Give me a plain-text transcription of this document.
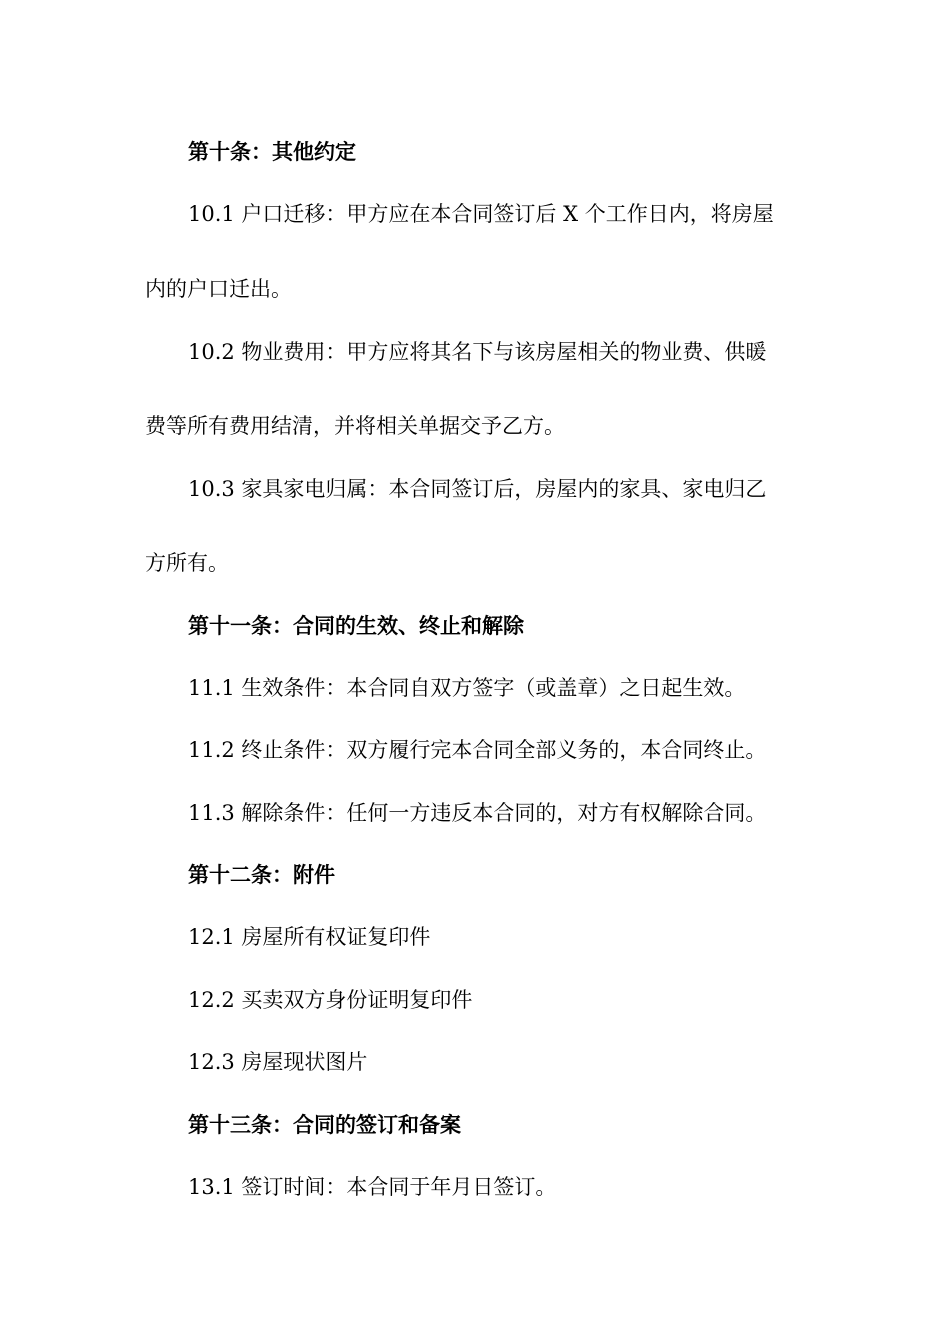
第十条：其他约定
10.1 户口迁移：甲方应在本合同签订后 X 个工作日内，将房屋
内的户口迁出。
10.2 物业费用：甲方应将其名下与该房屋相关的物业费、供暖
费等所有费用结清，并将相关单据交予乙方。
10.3 家具家电归属：本合同签订后，房屋内的家具、家电归乙
方所有。
第十一条：合同的生效、终止和解除
11.1 生效条件：本合同自双方签字（或盖章）之日起生效。
11.2 终止条件：双方履行完本合同全部义务的，本合同终止。
11.3 解除条件：任何一方违反本合同的，对方有权解除合同。
第十二条：附件
12.1 房屋所有权证复印件
12.2 买卖双方身份证明复印件
12.3 房屋现状图片
第十三条：合同的签订和备案
13.1 签订时间：本合同于年月日签订。
